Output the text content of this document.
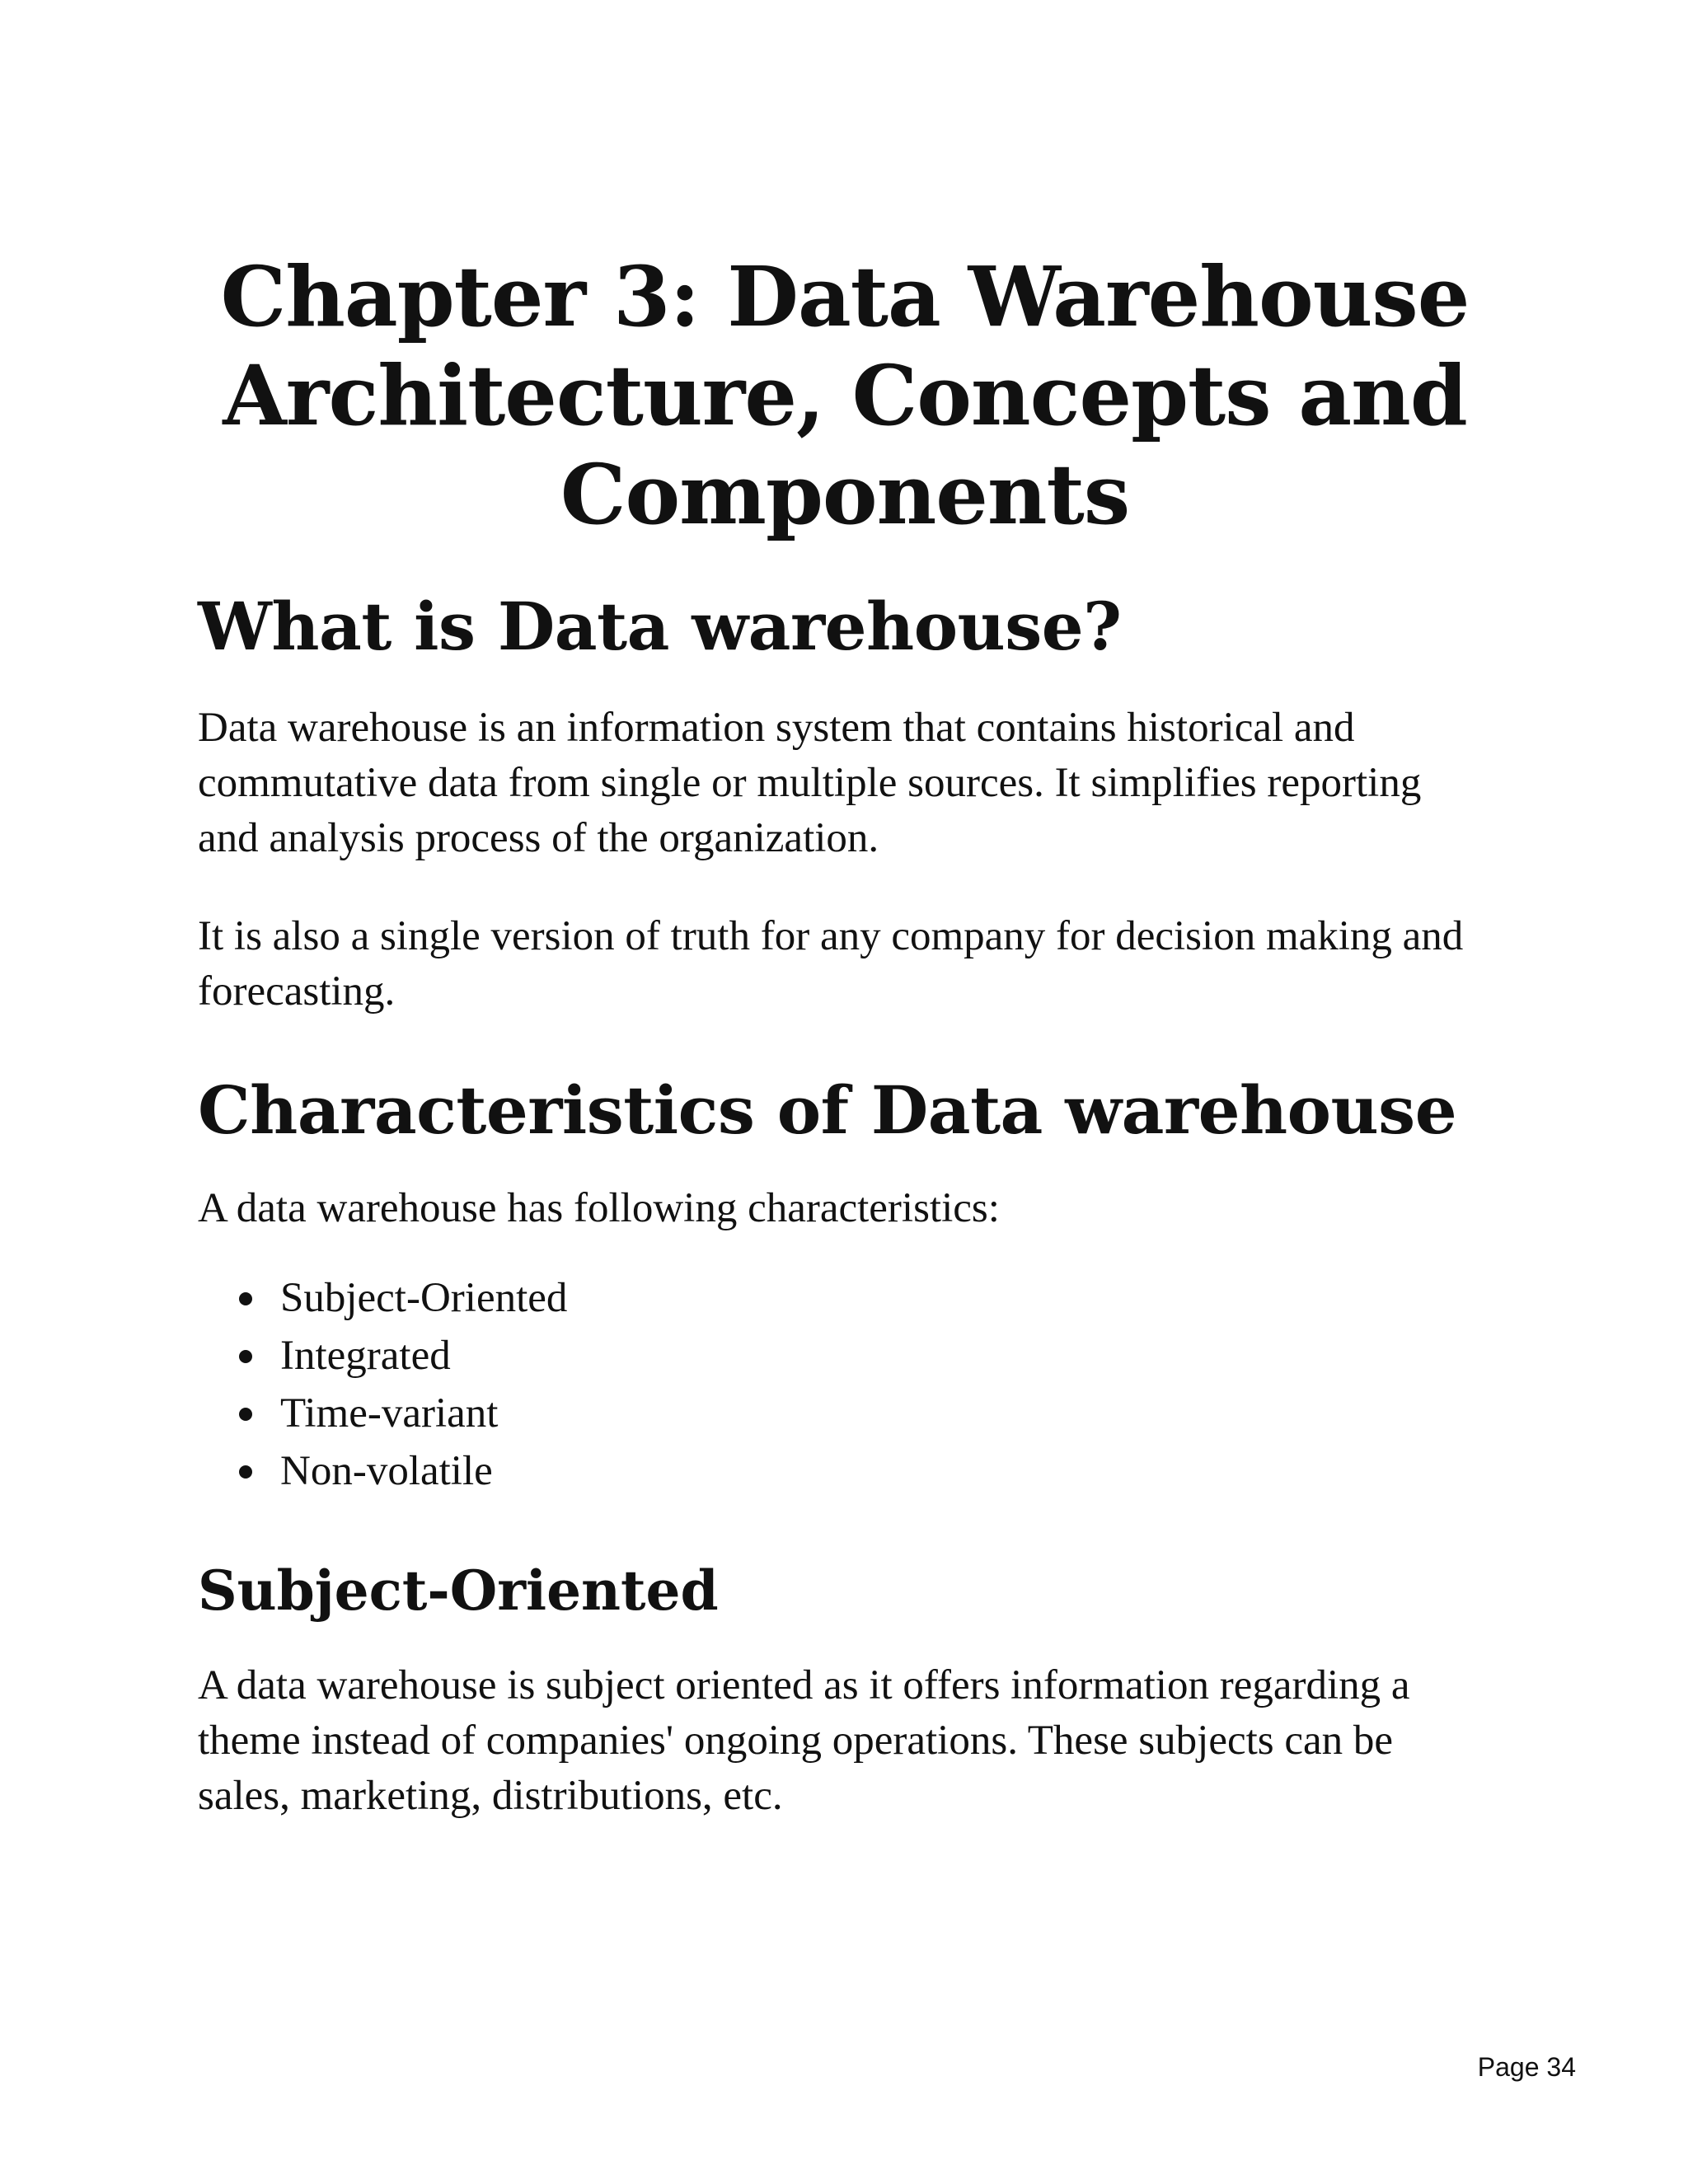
Chapter 3: Data Warehouse Architecture, Concepts and Components
What is Data warehouse?

Data warehouse is an information system that contains historical and commutative data from single or multiple sources. It simplifies reporting and analysis process of the organization.

It is also a single version of truth for any company for decision making and forecasting.

Characteristics of Data warehouse

A data warehouse has following characteristics:

Subject-Oriented
Integrated
Time-variant
Non-volatile
Subject-Oriented

A data warehouse is subject oriented as it offers information regarding a theme instead of companies' ongoing operations. These subjects can be sales, marketing, distributions, etc.

Page 34
